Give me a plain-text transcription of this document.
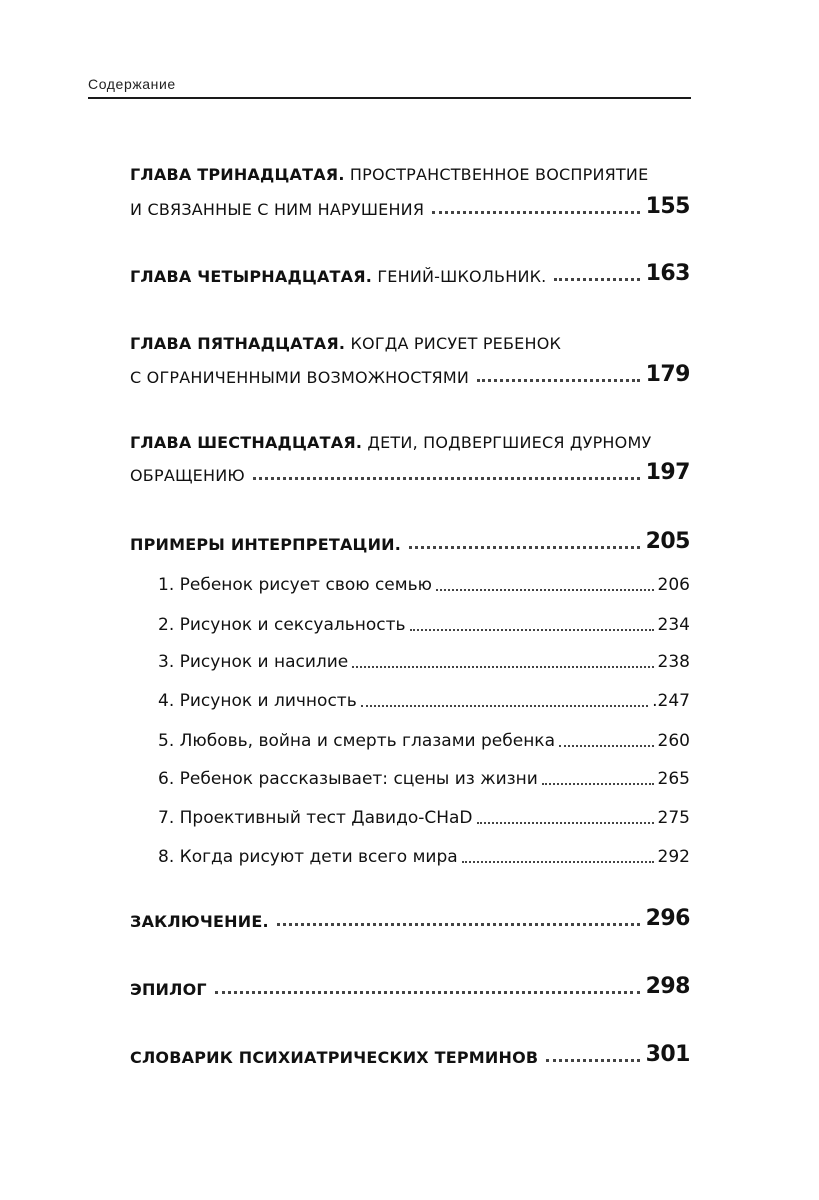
Содержание
ГЛАВА ТРИНАДЦАТАЯ. ПРОСТРАНСТВЕННОЕ ВОСПРИЯТИЕ
И СВЯЗАННЫЕ С НИМ НАРУШЕНИЯ	155
ГЛАВА ЧЕТЫРНАДЦАТАЯ. ГЕНИЙ-ШКОЛЬНИК.	163
ГЛАВА ПЯТНАДЦАТАЯ. КОГДА РИСУЕТ РЕБЕНОК
С ОГРАНИЧЕННЫМИ ВОЗМОЖНОСТЯМИ	179
ГЛАВА ШЕСТНАДЦАТАЯ. ДЕТИ, ПОДВЕРГШИЕСЯ ДУРНОМУ
ОБРАЩЕНИЮ	197
ПРИМЕРЫ ИНТЕРПРЕТАЦИИ.	205
1. Ребенок рисует свою семью	206
2. Рисунок и сексуальность	234
3. Рисунок и насилие	238
4. Рисунок и личность	.247
5. Любовь, война и смерть глазами ребенка	260
6. Ребенок рассказывает: сцены из жизни	265
7. Проективный тест Давидо-CHaD	275
8. Когда рисуют дети всего мира	292
ЗАКЛЮЧЕНИЕ.	296
ЭПИЛОГ	298
СЛОВАРИК ПСИХИАТРИЧЕСКИХ ТЕРМИНОВ	301
